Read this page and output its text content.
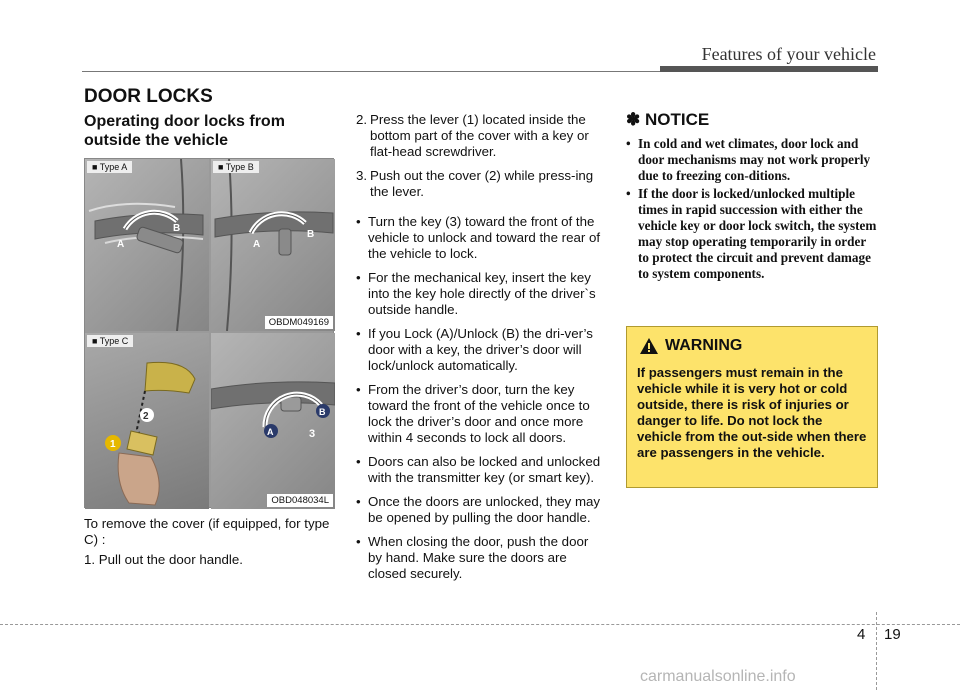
Features of your vehicle
DOOR LOCKS
Operating door locks from
outside the vehicle
A
B
■ Type A
A
B
■ Type B
OBDM049169
2
1
■ Type C
A
B
3
OBD048034L
To remove the cover (if equipped, for type C) :
1. Pull out the door handle.
2. Press the lever (1) located inside the bottom part of the cover with a key or flat-head screwdriver.
3. Push out the cover (2) while press-ing the lever.
• Turn the key (3) toward the front of the vehicle to unlock and toward the rear of the vehicle to lock.
• For the mechanical key, insert the key into the key hole directly of the driver`s outside handle.
• If you Lock (A)/Unlock (B) the dri-ver’s door with a key, the driver’s door will lock/unlock automatically.
• From the driver’s door, turn the key toward the front of the vehicle once to lock the driver’s door and once more within 4 seconds to lock all doors.
• Doors can also be locked and unlocked with the transmitter key (or smart key).
• Once the doors are unlocked, they may be opened by pulling the door handle.
• When closing the door, push the door by hand. Make sure the doors are closed securely.
✽ NOTICE
• In cold and wet climates, door lock and door mechanisms may not work properly due to freezing con-ditions.
• If the door is locked/unlocked multiple times in rapid succession with either the vehicle key or door lock switch, the system may stop operating temporarily in order to protect the circuit and prevent damage to system components.
WARNING
If passengers must remain in the vehicle while it is very hot or cold outside, there is risk of injuries or danger to life. Do not lock the vehicle from the out-side when there are passengers in the vehicle.
4 19
carmanualsonline.info
